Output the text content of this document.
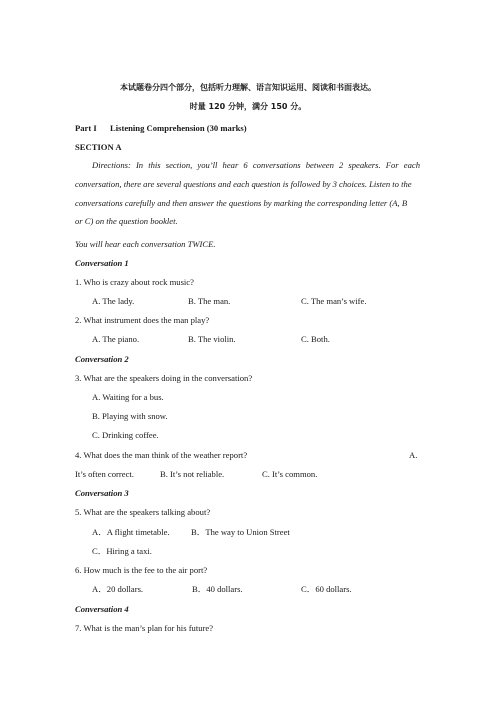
本试题卷分四个部分，包括听力理解、语言知识运用、阅读和书面表达。
时量 120 分钟，满分 150 分。
Part I Listening Comprehension (30 marks)
SECTION A
Directions: In this section, you’ll hear 6 conversations between 2 speakers. For each
conversation, there are several questions and each question is followed by 3 choices. Listen to the
conversations carefully and then answer the questions by marking the corresponding letter (A, B
or C) on the question booklet.
You will hear each conversation TWICE.
Conversation 1
1. Who is crazy about rock music?
A. The lady.	B. The man.	C. The man’s wife.
2. What instrument does the man play?
A. The piano.	B. The violin.	C. Both.
Conversation 2
3. What are the speakers doing in the conversation?
A. Waiting for a bus.
B. Playing with snow.
C. Drinking coffee.
4. What does the man think of the weather report?	A.
It’s often correct.	B. It’s not reliable.	C. It’s common.
Conversation 3
5. What are the speakers talking about?
A．A flight timetable. B．The way to Union Street
C．Hiring a taxi.
6. How much is the fee to the air port?
A．20 dollars.	B．40 dollars.	C．60 dollars.
Conversation 4
7. What is the man’s plan for his future?
